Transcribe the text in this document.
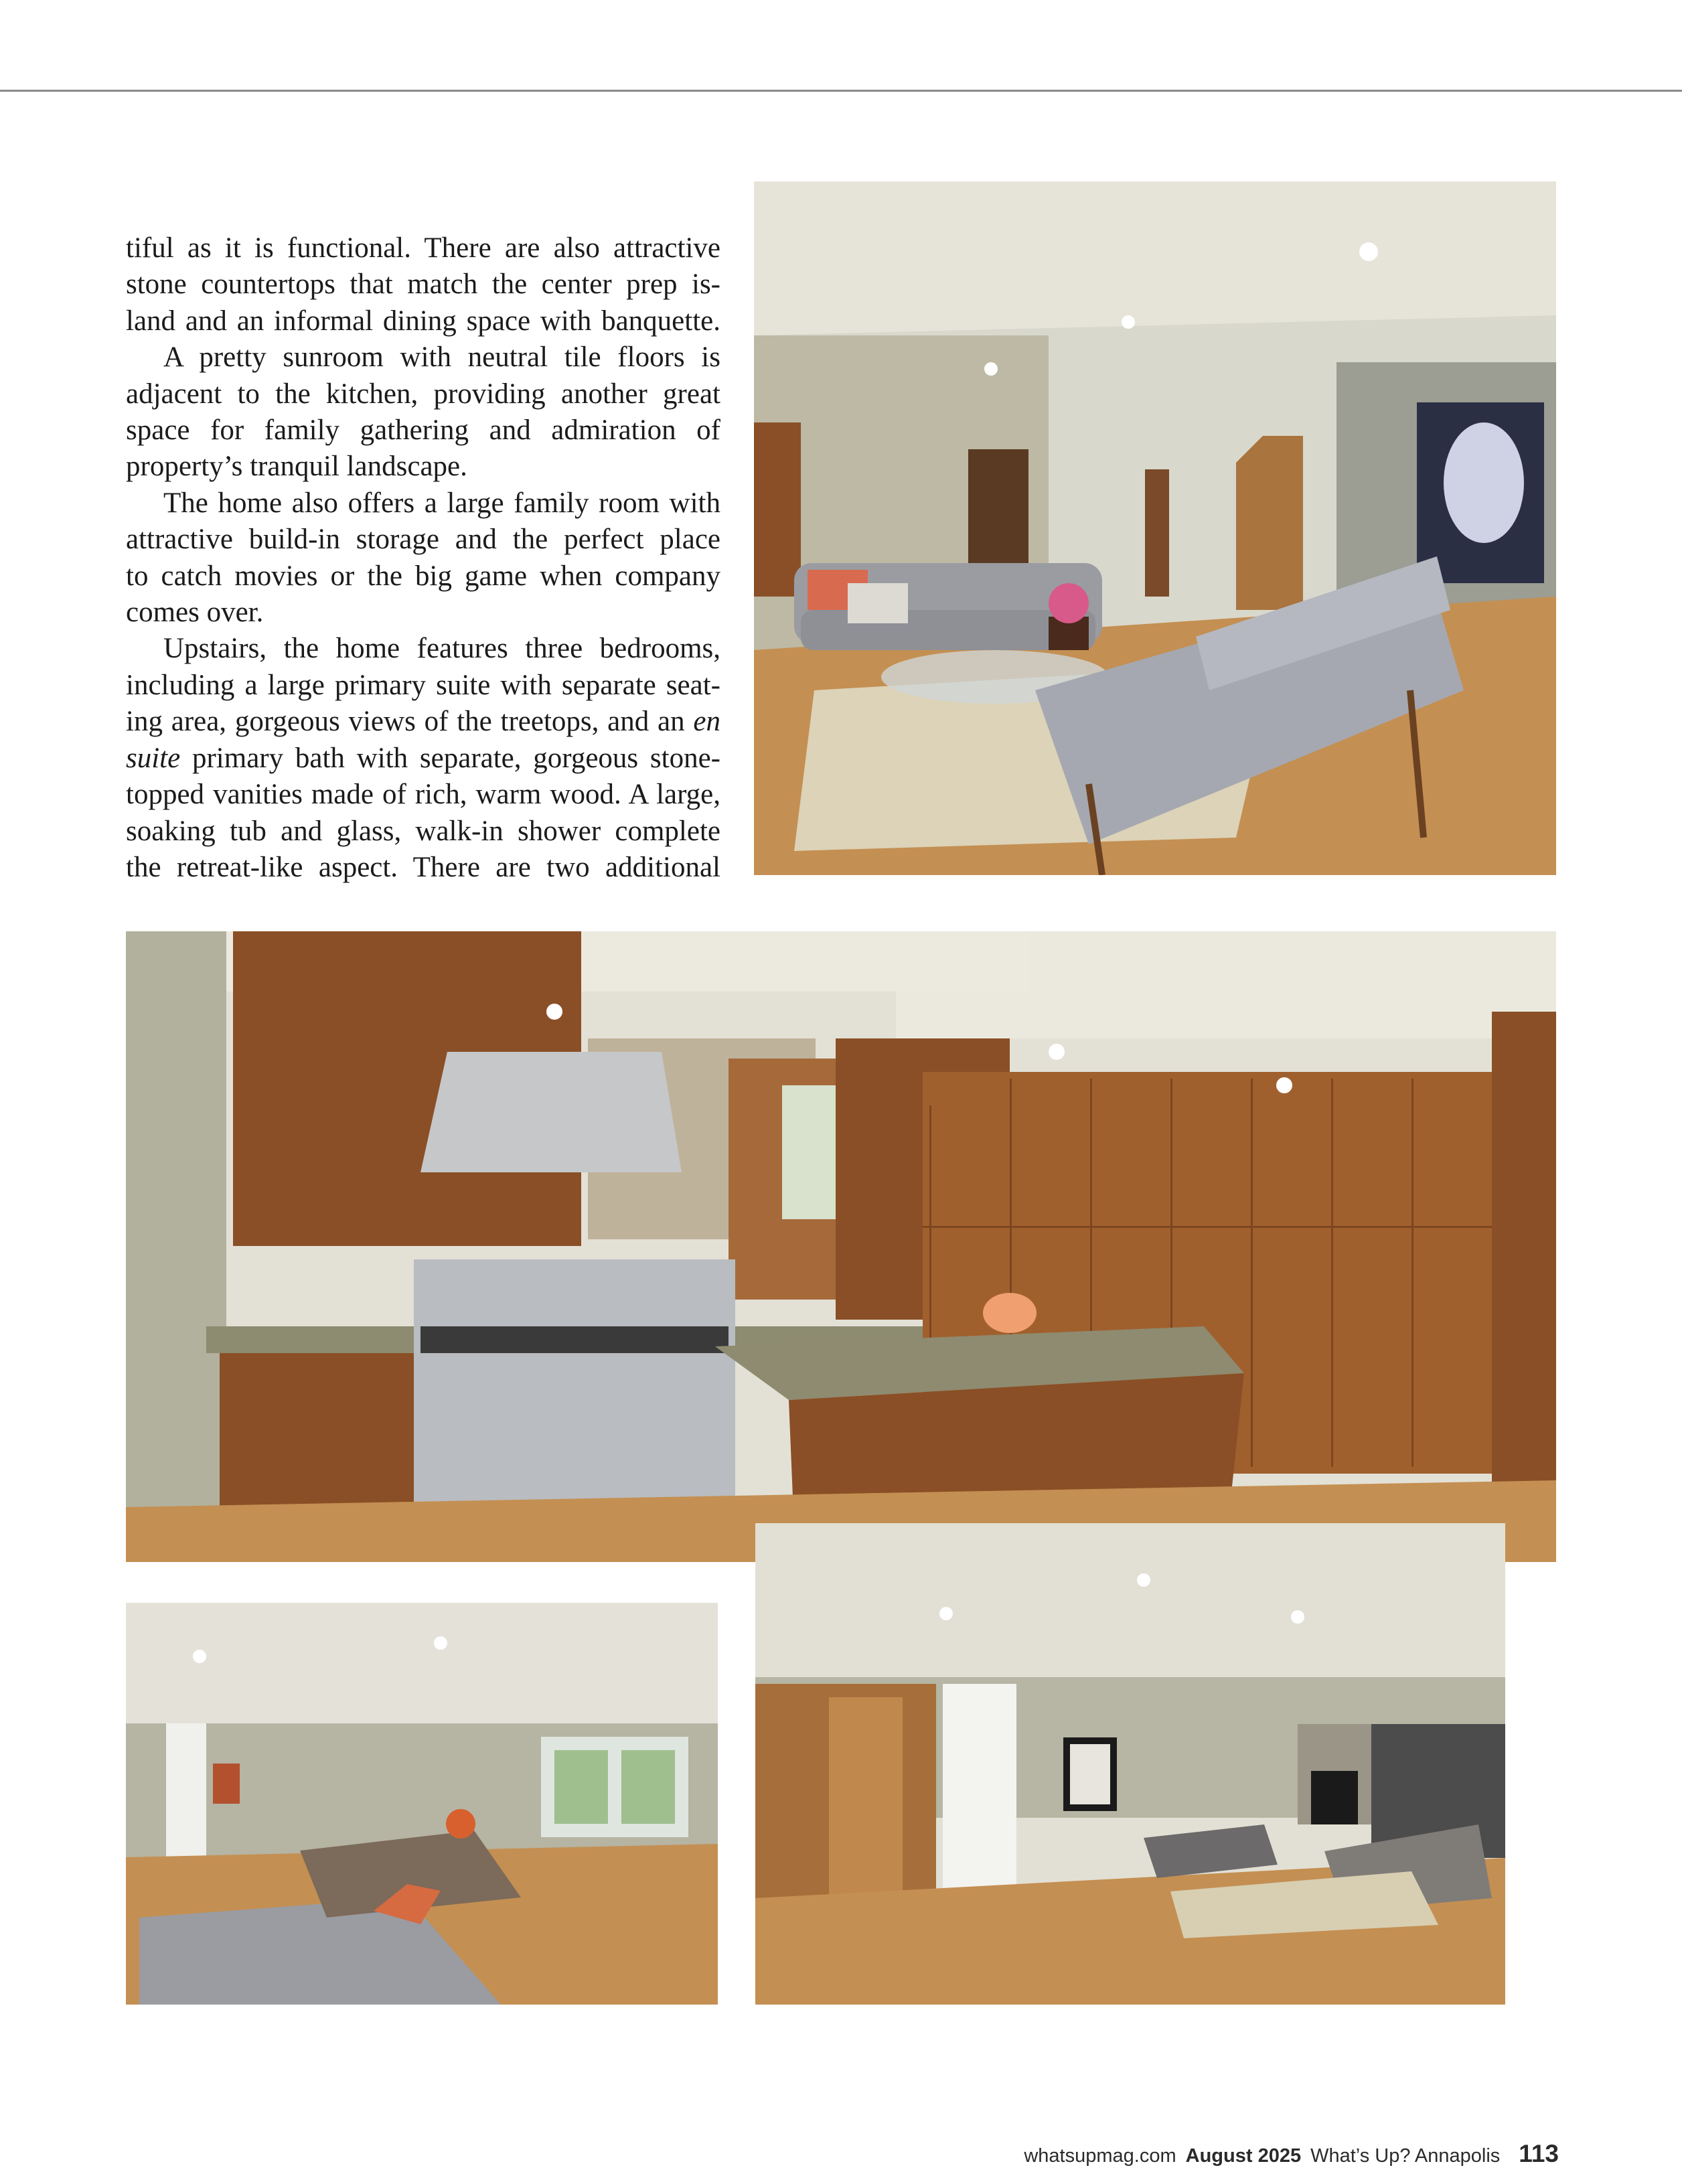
tiful as it is functional. There are also attractive

stone countertops that match the center prep is-

land and an informal dining space with banquette.

A pretty sunroom with neutral tile floors is

adjacent to the kitchen, providing another great

space for family gathering and admiration of

property’s tranquil landscape.

The home also offers a large family room with

attractive build-in storage and the perfect place

to catch movies or the big game when company

comes over.

Upstairs, the home features three bedrooms,

including a large primary suite with separate seat-

ing area, gorgeous views of the treetops, and an en

suite primary bath with separate, gorgeous stone-

topped vanities made of rich, warm wood. A large,

soaking tub and glass, walk-in shower complete

the retreat-like aspect. There are two additional

whatsupmag.com August 2025 What’s Up? Annapolis 113
